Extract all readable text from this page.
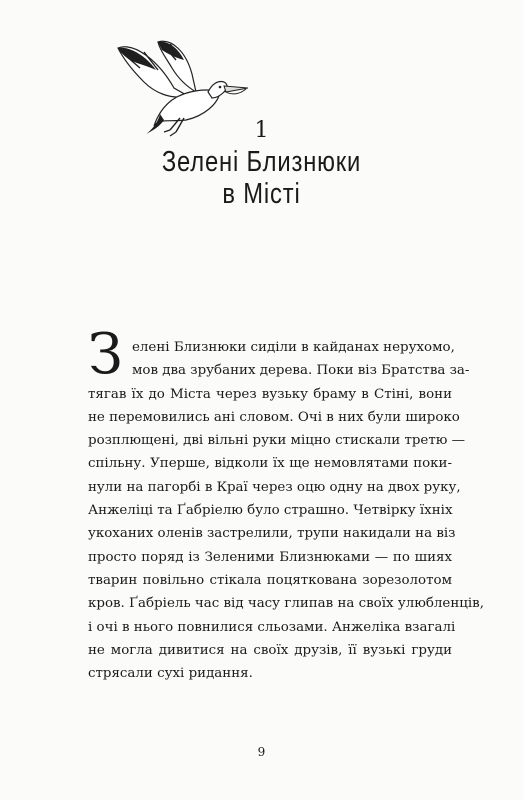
1
Зелені Близнюки
в Місті
З елені Близнюки сиділи в кайданах нерухомо,
мов два зрубаних дерева. Поки віз Братства за-
тягав їх до Міста через вузьку браму в Стіні, вони
не перемовились ані словом. Очі в них були широко
розплющені, дві вільні руки міцно стискали третю —
спільну. Уперше, відколи їх ще немовлятами поки-
нули на пагорбі в Краї через оцю одну на двох руку,
Анжеліці та Ґабріелю було страшно. Четвірку їхніх
укоханих оленів застрелили, трупи накидали на віз
просто поряд із Зеленими Близнюками — по шиях
тварин повільно стікала поцяткована зорезолотом
кров. Ґабріель час від часу глипав на своїх улюбленців,
і очі в нього повнилися сльозами. Анжеліка взагалі
не могла дивитися на своїх друзів, її вузькі груди
стрясали сухі ридання.
9
